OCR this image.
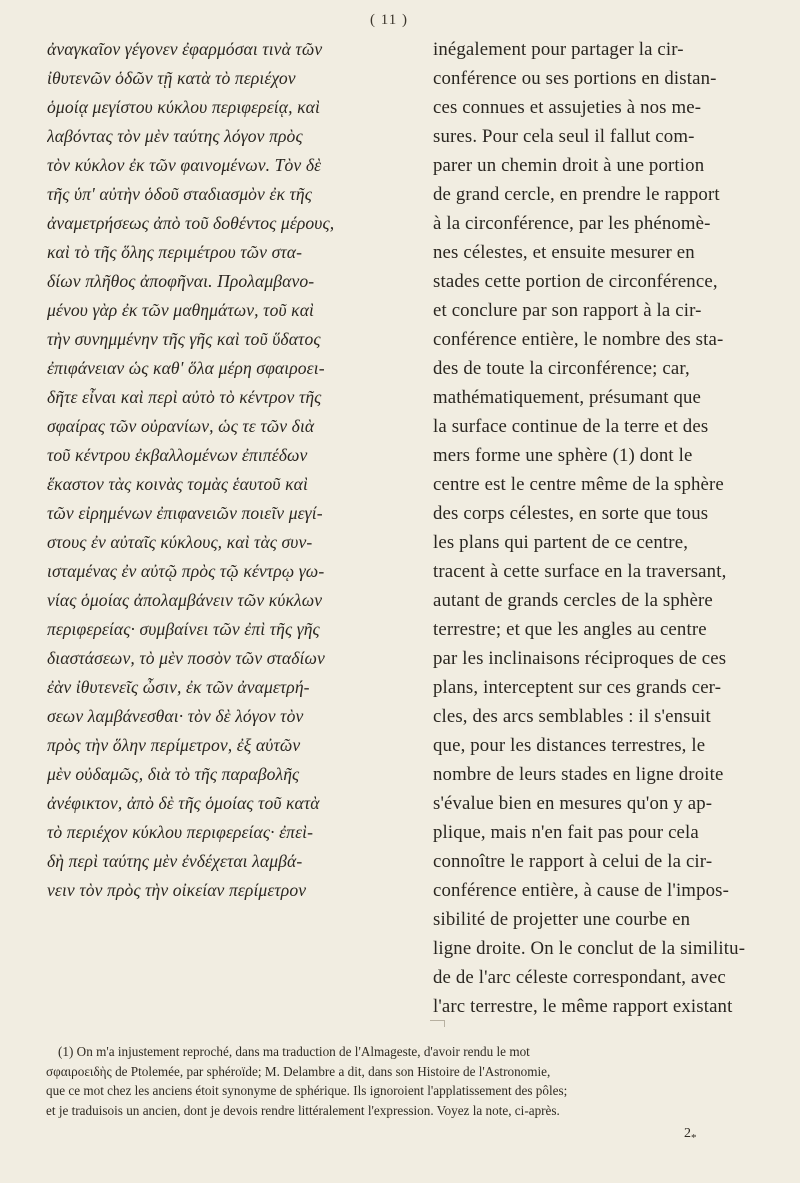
( 11 )
ἀναγκαῖον γέγονεν ἐφαρμόσαι τινὰ τῶν
ἰθυτενῶν ὁδῶν τῇ κατὰ τὸ περιέχον
ὁμοίᾳ μεγίστου κύκλου περιφερείᾳ, καὶ
λαβόντας τὸν μὲν ταύτης λόγον πρὸς
τὸν κύκλον ἐκ τῶν φαινομένων. Τὸν δὲ
τῆς ὑπ' αὐτὴν ὁδοῦ σταδιασμὸν ἐκ τῆς
ἀναμετρήσεως ἀπὸ τοῦ δοθέντος μέρους,
καὶ τὸ τῆς ὅλης περιμέτρου τῶν στα-
δίων πλῆθος ἀποφῆναι. Προλαμβανο-
μένου γὰρ ἐκ τῶν μαθημάτων, τοῦ καὶ
τὴν συνημμένην τῆς γῆς καὶ τοῦ ὕδατος
ἐπιφάνειαν ὡς καθ' ὅλα μέρη σφαιροει-
δῆτε εἶναι καὶ περὶ αὐτὸ τὸ κέντρον τῆς
σφαίρας τῶν οὐρανίων, ὡς τε τῶν διὰ
τοῦ κέντρου ἐκβαλλομένων ἐπιπέδων
ἕκαστον τὰς κοινὰς τομὰς ἑαυτοῦ καὶ
τῶν εἰρημένων ἐπιφανειῶν ποιεῖν μεγί-
στους ἐν αὐταῖς κύκλους, καὶ τὰς συν-
ισταμένας ἐν αὐτῷ πρὸς τῷ κέντρῳ γω-
νίας ὁμοίας ἀπολαμβάνειν τῶν κύκλων
περιφερείας· συμβαίνει τῶν ἐπὶ τῆς γῆς
διαστάσεων, τὸ μὲν ποσὸν τῶν σταδίων
ἐὰν ἰθυτενεῖς ὦσιν, ἐκ τῶν ἀναμετρή-
σεων λαμβάνεσθαι· τὸν δὲ λόγον τὸν
πρὸς τὴν ὅλην περίμετρον, ἐξ αὐτῶν
μὲν οὐδαμῶς, διὰ τὸ τῆς παραβολῆς
ἀνέφικτον, ἀπὸ δὲ τῆς ὁμοίας τοῦ κατὰ
τὸ περιέχον κύκλου περιφερείας· ἐπεὶ-
δὴ περὶ ταύτης μὲν ἐνδέχεται λαμβά-
νειν τὸν πρὸς τὴν οἰκείαν περίμετρον
inégalement pour partager la cir-
conférence ou ses portions en distan-
ces connues et assujeties à nos me-
sures. Pour cela seul il fallut com-
parer un chemin droit à une portion
de grand cercle, en prendre le rapport
à la circonférence, par les phénomè-
nes célestes, et ensuite mesurer en
stades cette portion de circonférence,
et conclure par son rapport à la cir-
conférence entière, le nombre des sta-
des de toute la circonférence; car,
mathématiquement, présumant que
la surface continue de la terre et des
mers forme une sphère (1) dont le
centre est le centre même de la sphère
des corps célestes, en sorte que tous
les plans qui partent de ce centre,
tracent à cette surface en la traversant,
autant de grands cercles de la sphère
terrestre; et que les angles au centre
par les inclinaisons réciproques de ces
plans, interceptent sur ces grands cer-
cles, des arcs semblables : il s'ensuit
que, pour les distances terrestres, le
nombre de leurs stades en ligne droite
s'évalue bien en mesures qu'on y ap-
plique, mais n'en fait pas pour cela
connoître le rapport à celui de la cir-
conférence entière, à cause de l'impos-
sibilité de projetter une courbe en
ligne droite. On le conclut de la similitu-
de de l'arc céleste correspondant, avec
l'arc terrestre, le même rapport existant
(1) On m'a injustement reproché, dans ma traduction de l'Almageste, d'avoir rendu le mot
σφαιροειδὴς de Ptolemée, par sphéroïde; M. Delambre a dit, dans son Histoire de l'Astronomie,
que ce mot chez les anciens étoit synonyme de sphérique. Ils ignoroient l'applatissement des pôles;
et je traduisois un ancien, dont je devois rendre littéralement l'expression. Voyez la note, ci-après.
$2_*$
